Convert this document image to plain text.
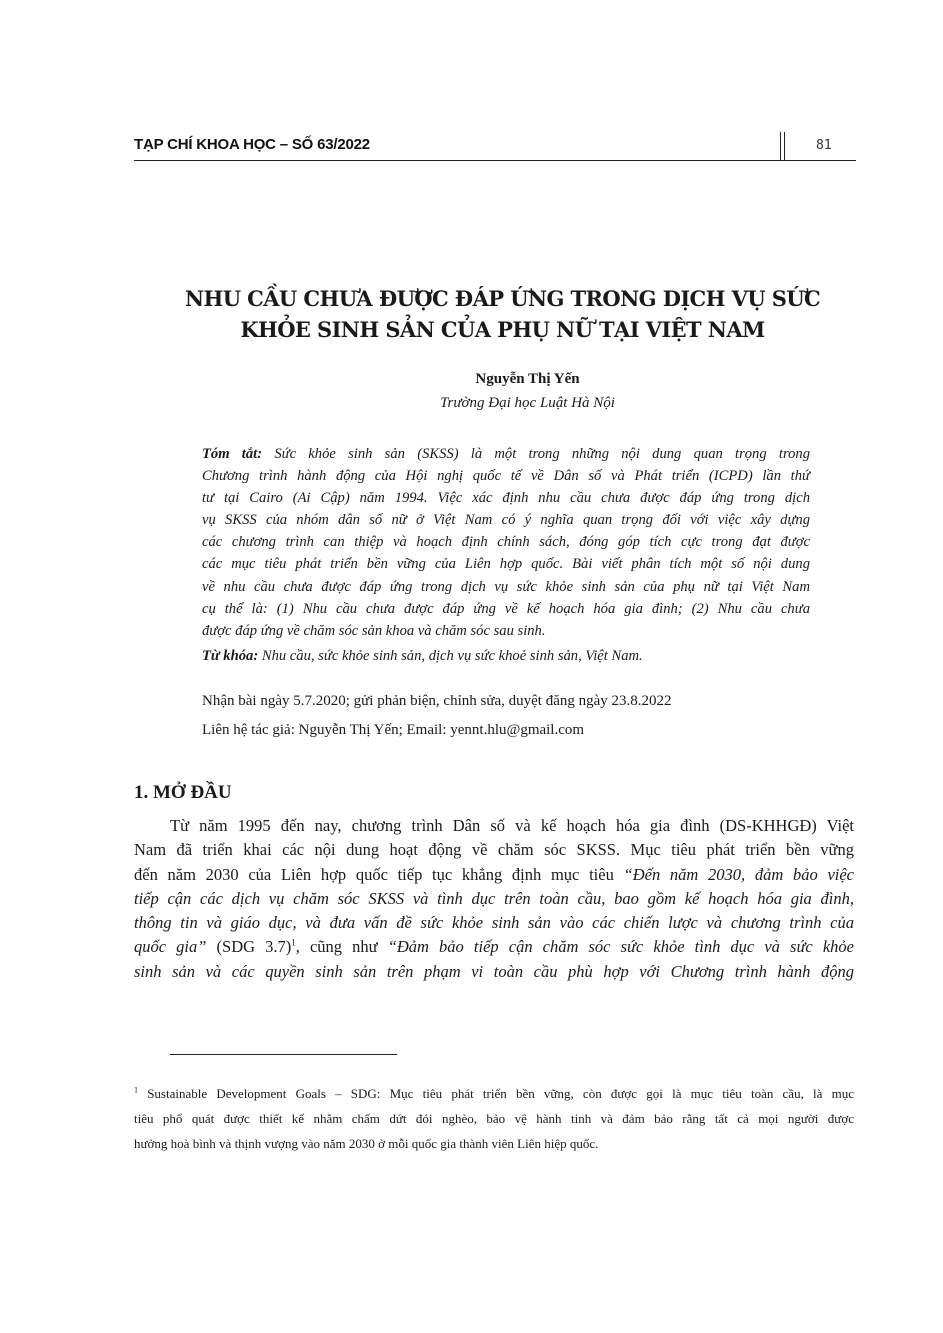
TẠP CHÍ KHOA HỌC – SỐ 63/2022	81
NHU CẦU CHƯA ĐƯỢC ĐÁP ỨNG TRONG DỊCH VỤ SỨC
KHỎE SINH SẢN CỦA PHỤ NỮ TẠI VIỆT NAM
Nguyễn Thị Yến
Trường Đại học Luật Hà Nội
Tóm tắt: Sức khỏe sinh sản (SKSS) là một trong những nội dung quan trọng trong
Chương trình hành động của Hội nghị quốc tế về Dân số và Phát triển (ICPD) lần thứ
tư tại Cairo (Ai Cập) năm 1994. Việc xác định nhu cầu chưa được đáp ứng trong dịch
vụ SKSS của nhóm dân số nữ ở Việt Nam có ý nghĩa quan trọng đối với việc xây dựng
các chương trình can thiệp và hoạch định chính sách, đóng góp tích cực trong đạt được
các mục tiêu phát triển bền vững của Liên hợp quốc. Bài viết phân tích một số nội dung
về nhu cầu chưa được đáp ứng trong dịch vụ sức khỏe sinh sản của phụ nữ tại Việt Nam
cụ thể là: (1) Nhu cầu chưa được đáp ứng về kế hoạch hóa gia đình; (2) Nhu cầu chưa
được đáp ứng về chăm sóc sản khoa và chăm sóc sau sinh.
Từ khóa: Nhu cầu, sức khỏe sinh sản, dịch vụ sức khoẻ sinh sản, Việt Nam.
Nhận bài ngày 5.7.2020; gửi phản biện, chỉnh sửa, duyệt đăng ngày 23.8.2022
Liên hệ tác giả: Nguyễn Thị Yến; Email: yennt.hlu@gmail.com
1. MỞ ĐẦU
Từ năm 1995 đến nay, chương trình Dân số và kế hoạch hóa gia đình (DS-KHHGĐ) Việt
Nam đã triển khai các nội dung hoạt động về chăm sóc SKSS. Mục tiêu phát triển bền vững
đến năm 2030 của Liên hợp quốc tiếp tục khẳng định mục tiêu “Đến năm 2030, đảm bảo việc
tiếp cận các dịch vụ chăm sóc SKSS và tình dục trên toàn cầu, bao gồm kế hoạch hóa gia đình,
thông tin và giáo dục, và đưa vấn đề sức khỏe sinh sản vào các chiến lược và chương trình của
quốc gia” (SDG 3.7)$^1$, cũng như “Đảm bảo tiếp cận chăm sóc sức khỏe tình dục và sức khỏe
sinh sản và các quyền sinh sản trên phạm vi toàn cầu phù hợp với Chương trình hành động
$^1$ Sustainable Development Goals – SDG: Mục tiêu phát triển bền vững, còn được gọi là mục tiêu toàn cầu, là mục
tiêu phổ quát được thiết kế nhằm chấm dứt đói nghèo, bảo vệ hành tinh và đảm bảo rằng tất cả mọi người được
hưởng hoà bình và thịnh vượng vào năm 2030 ở mỗi quốc gia thành viên Liên hiệp quốc.
